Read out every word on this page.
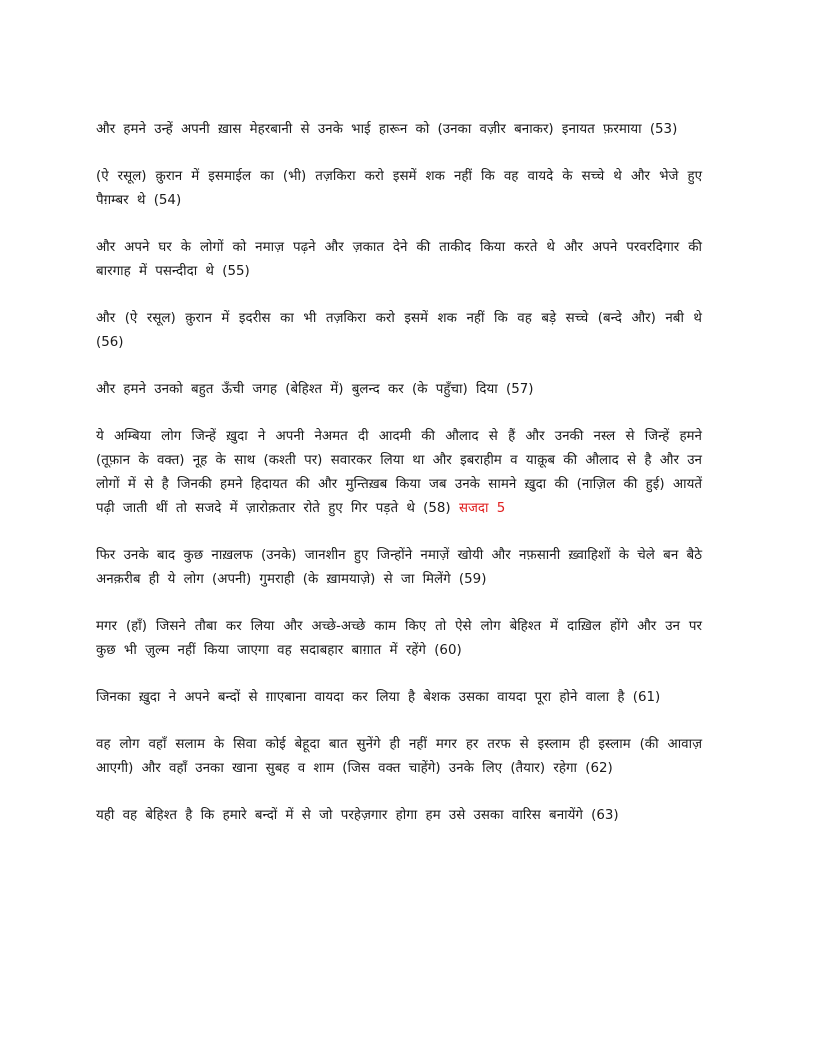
और हमने उन्हें अपनी ख़ास मेहरबानी से उनके भाई हारून को (उनका वज़ीर बनाकर) इनायत फ़रमाया (53)

(ऐ रसूल) क़ुरान में इसमाईल का (भी) तज़किरा करो इसमें शक नहीं कि वह वायदे के सच्चे थे और भेजे हुए पैग़म्बर थे (54)

और अपने घर के लोगों को नमाज़ पढ़ने और ज़कात देने की ताकीद किया करते थे और अपने परवरदिगार की बारगाह में पसन्दीदा थे (55)

और (ऐ रसूल) क़ुरान में इदरीस का भी तज़किरा करो इसमें शक नहीं कि वह बड़े सच्चे (बन्दे और) नबी थे (56)

और हमने उनको बहुत ऊँची जगह (बेहिश्त में) बुलन्द कर (के पहुँचा) दिया (57)

ये अम्बिया लोग जिन्हें ख़ुदा ने अपनी नेअमत दी आदमी की औलाद से हैं और उनकी नस्ल से जिन्हें हमने (तूफ़ान के वक्त) नूह के साथ (कश्ती पर) सवारकर लिया था और इबराहीम व याक़ूब की औलाद से है और उन लोगों में से है जिनकी हमने हिदायत की और मुन्तिख़ब किया जब उनके सामने ख़ुदा की (नाज़िल की हुई) आयतें पढ़ी जाती थीं तो सजदे में ज़ारोक़तार रोते हुए गिर पड़ते थे (58) सजदा 5

फिर उनके बाद कुछ नाख़लफ (उनके) जानशीन हुए जिन्होंने नमाज़ें खोयी और नफ़सानी ख़्वाहिशों के चेले बन बैठे अनक़रीब ही ये लोग (अपनी) गुमराही (के ख़ामयाज़े) से जा मिलेंगे (59)

मगर (हाँ) जिसने तौबा कर लिया और अच्छे-अच्छे काम किए तो ऐसे लोग बेहिश्त में दाख़िल होंगे और उन पर कुछ भी ज़ुल्म नहीं किया जाएगा वह सदाबहार बाग़ात में रहेंगे (60)

जिनका ख़ुदा ने अपने बन्दों से ग़ाएबाना वायदा कर लिया है बेशक उसका वायदा पूरा होने वाला है (61)

वह लोग वहाँ सलाम के सिवा कोई बेहूदा बात सुनेंगे ही नहीं मगर हर तरफ से इस्लाम ही इस्लाम (की आवाज़ आएगी) और वहाँ उनका खाना सुबह व शाम (जिस वक्त चाहेंगे) उनके लिए (तैयार) रहेगा (62)

यही वह बेहिश्त है कि हमारे बन्दों में से जो परहेज़गार होगा हम उसे उसका वारिस बनायेंगे (63)
